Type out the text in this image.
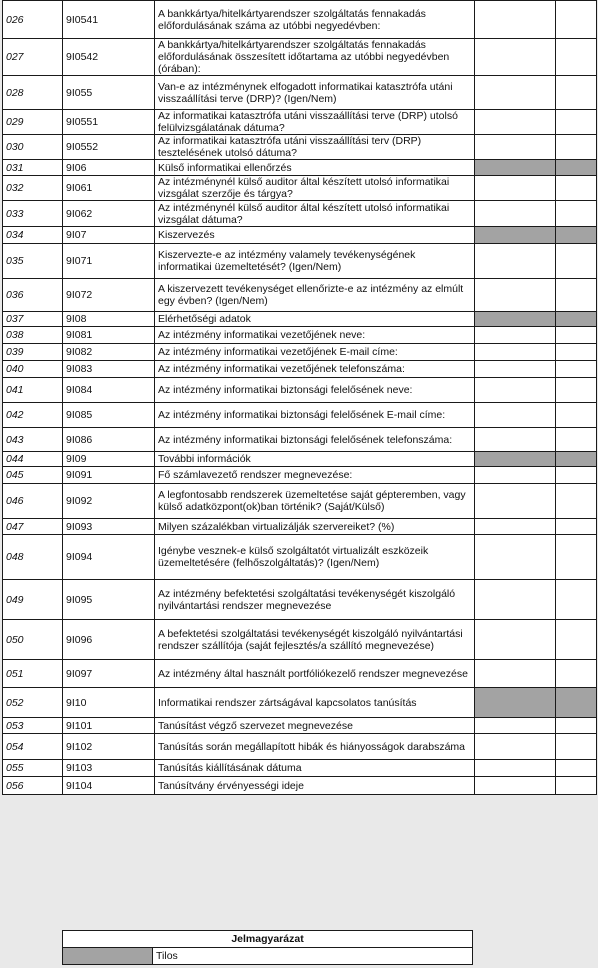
026	9I0541	A bankkártya/hitelkártyarendszer szolgáltatás fennakadás előfordulásának száma az utóbbi negyedévben:		
027	9I0542	A bankkártya/hitelkártyarendszer szolgáltatás fennakadás előfordulásának összesített időtartama az utóbbi negyedévben (órában):		
028	9I055	Van-e az intézménynek elfogadott informatikai katasztrófa utáni visszaállítási terve (DRP)? (Igen/Nem)		
029	9I0551	Az informatikai katasztrófa utáni visszaállítási terve (DRP) utolsó felülvizsgálatának dátuma?		
030	9I0552	Az informatikai katasztrófa utáni visszaállítási terv (DRP) tesztelésének utolsó dátuma?		
031	9I06	Külső informatikai ellenőrzés		
032	9I061	Az intézménynél külső auditor által készített utolsó informatikai vizsgálat szerzője és tárgya?		
033	9I062	Az intézménynél külső auditor által készített utolsó informatikai vizsgálat dátuma?		
034	9I07	Kiszervezés		
035	9I071	Kiszervezte-e az intézmény valamely tevékenységének informatikai üzemeltetését? (Igen/Nem)		
036	9I072	A kiszervezett tevékenységet ellenőrizte-e az intézmény az elmúlt egy évben? (Igen/Nem)		
037	9I08	Elérhetőségi adatok		
038	9I081	Az intézmény informatikai vezetőjének neve:		
039	9I082	Az intézmény informatikai vezetőjének E-mail címe:		
040	9I083	Az intézmény informatikai vezetőjének telefonszáma:		
041	9I084	Az intézmény informatikai biztonsági felelősének neve:		
042	9I085	Az intézmény informatikai biztonsági felelősének E-mail címe:		
043	9I086	Az intézmény informatikai biztonsági felelősének telefonszáma:		
044	9I09	További információk		
045	9I091	Fő számlavezető rendszer megnevezése:		
046	9I092	A legfontosabb rendszerek üzemeltetése saját gépteremben, vagy külső adatközpont(ok)ban történik? (Saját/Külső)		
047	9I093	Milyen százalékban virtualizálják szervereiket? (%)		
048	9I094	Igénybe vesznek-e külső szolgáltatót virtualizált eszközeik üzemeltetésére (felhőszolgáltatás)? (Igen/Nem)		
049	9I095	Az intézmény befektetési szolgáltatási tevékenységét kiszolgáló nyilvántartási rendszer megnevezése		
050	9I096	A befektetési szolgáltatási tevékenységét kiszolgáló nyilvántartási rendszer szállítója (saját fejlesztés/a szállító megnevezése)		
051	9I097	Az intézmény által használt portfóliókezelő rendszer megnevezése		
052	9I10	Informatikai rendszer zártságával kapcsolatos tanúsítás		
053	9I101	Tanúsítást végző szervezet megnevezése		
054	9I102	Tanúsítás során megállapított hibák és hiányosságok darabszáma		
055	9I103	Tanúsítás kiállításának dátuma		
056	9I104	Tanúsítvány érvényességi ideje		
Jelmagyarázat
	Tilos
